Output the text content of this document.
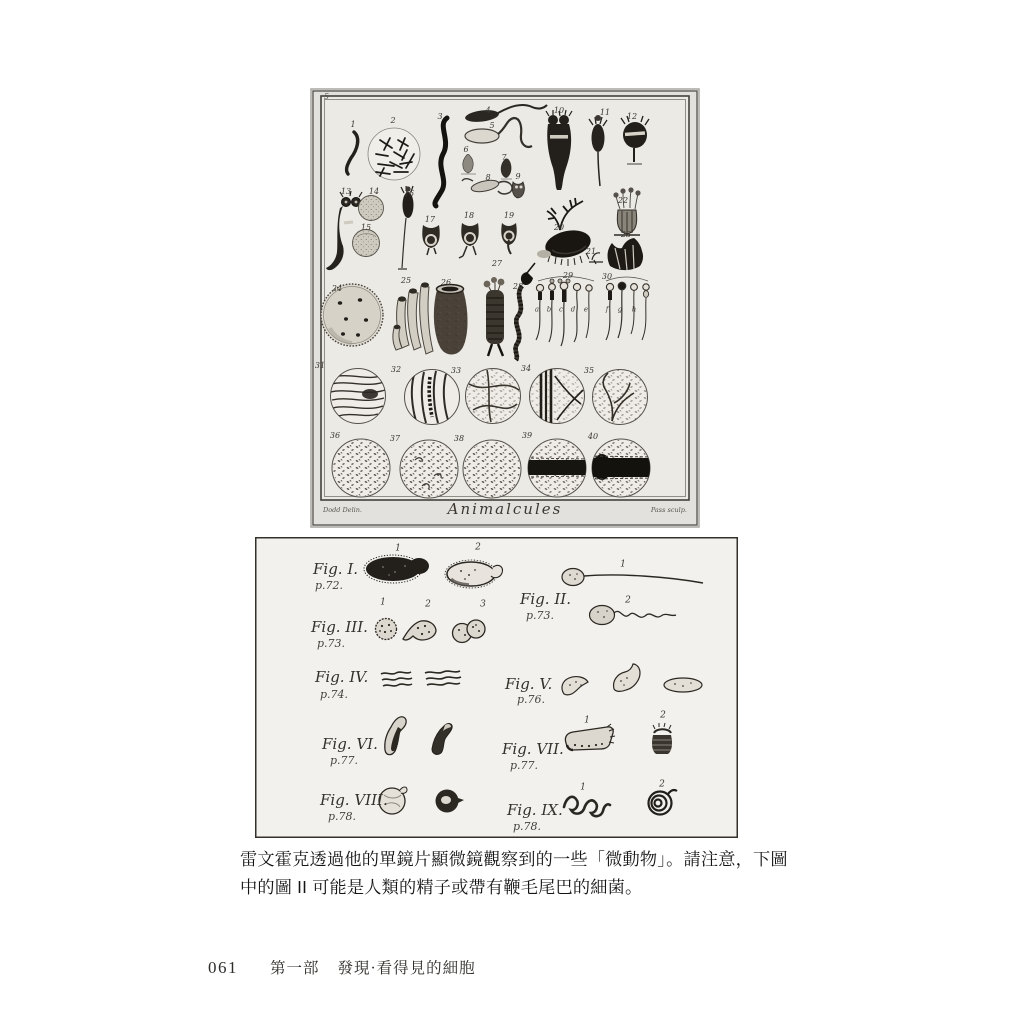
5
1	2	3
4
5
6
7
8	9
10	11 12
13 14
15
16
17	18	19
20
21
22
23
24
25	26
27
28
29	30
31	32	33	34	35
36	37	38	39	40
a b c d e	f g h
Dodd Delin.	Pass sculp.
Animalcules
Fig. I.
p.72.
Fig. II.
p.73.
Fig. III.
p.73.
Fig. IV.
p.74.
Fig. V.
p.76.
Fig. VI.
p.77.
Fig. VII.
p.77.
Fig. VIII.
p.78.	Fig. IX.
p.78.
1	2
1
2
1	2	3
1	2
1	2
雷文霍克透過他的單鏡片顯微鏡觀察到的一些「微動物」。請注意，下圖
中的圖 II 可能是人類的精子或帶有鞭毛尾巴的細菌。
061 第一部 發現·看得見的細胞
